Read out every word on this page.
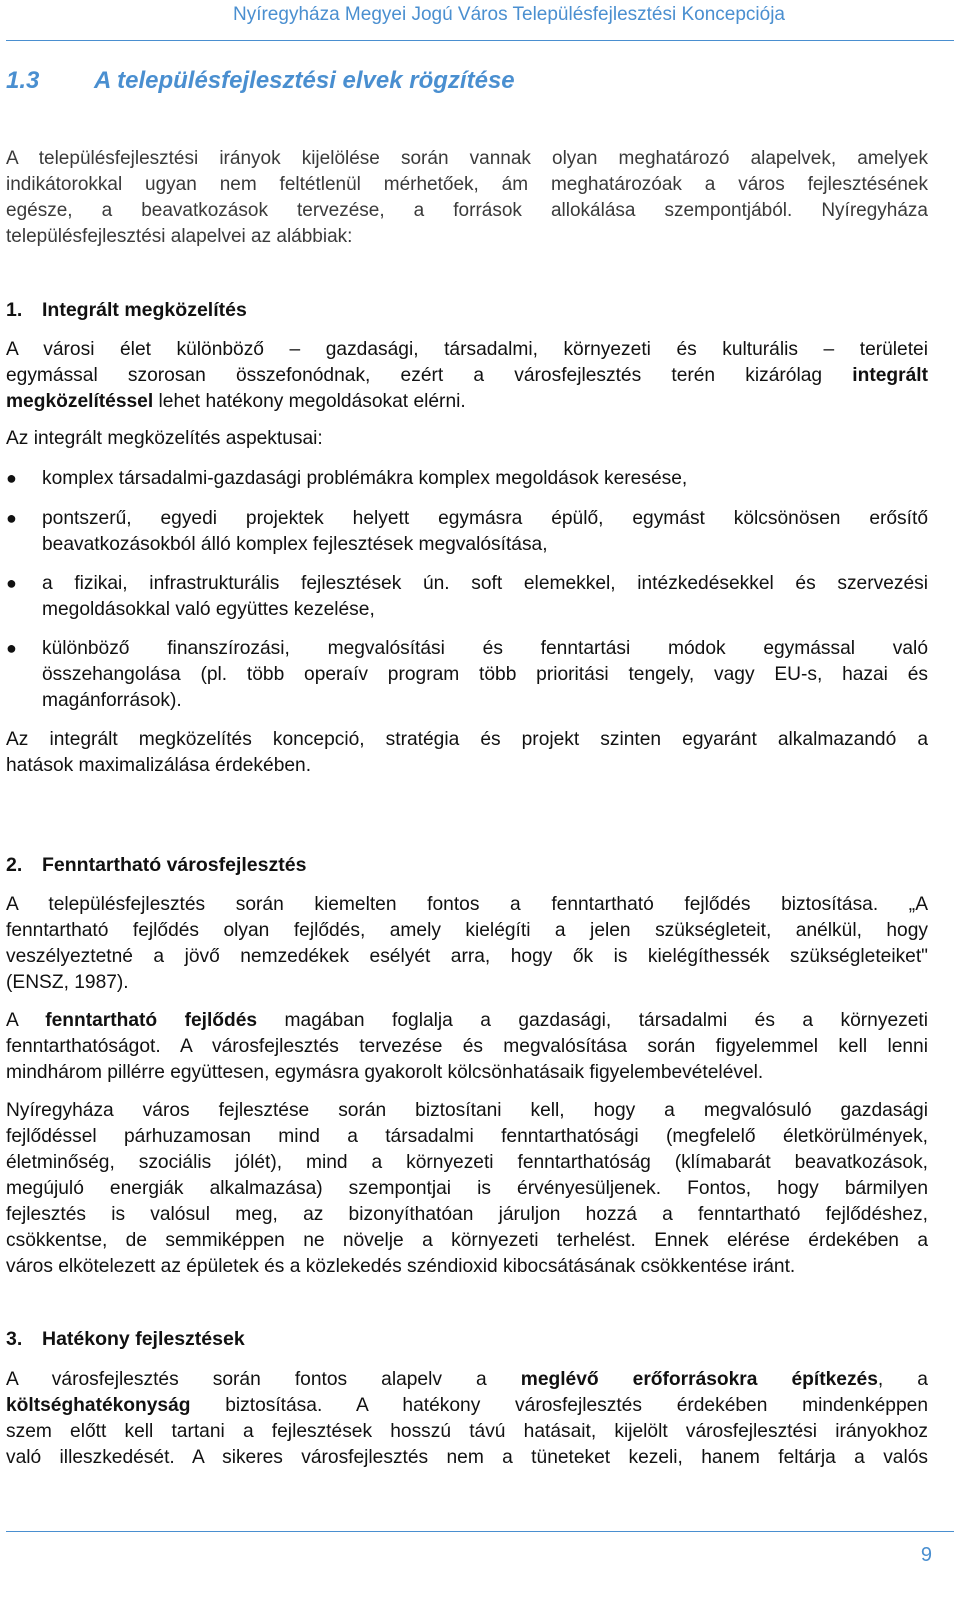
Nyíregyháza Megyei Jogú Város Településfejlesztési Koncepciója
1.3 A településfejlesztési elvek rögzítése
A településfejlesztési irányok kijelölése során vannak olyan meghatározó alapelvek, amelyek
indikátorokkal ugyan nem feltétlenül mérhetőek, ám meghatározóak a város fejlesztésének
egésze, a beavatkozások tervezése, a források allokálása szempontjából. Nyíregyháza
településfejlesztési alapelvei az alábbiak:
1. Integrált megközelítés
A városi élet különböző – gazdasági, társadalmi, környezeti és kulturális – területei
egymással szorosan összefonódnak, ezért a városfejlesztés terén kizárólag integrált
megközelítéssel lehet hatékony megoldásokat elérni.
Az integrált megközelítés aspektusai:
● komplex társadalmi-gazdasági problémákra komplex megoldások keresése,
● pontszerű, egyedi projektek helyett egymásra épülő, egymást kölcsönösen erősítő
beavatkozásokból álló komplex fejlesztések megvalósítása,
● a fizikai, infrastrukturális fejlesztések ún. soft elemekkel, intézkedésekkel és szervezési
megoldásokkal való együttes kezelése,
● különböző finanszírozási, megvalósítási és fenntartási módok egymással való
összehangolása (pl. több operaív program több prioritási tengely, vagy EU-s, hazai és
magánforrások).
Az integrált megközelítés koncepció, stratégia és projekt szinten egyaránt alkalmazandó a
hatások maximalizálása érdekében.
2. Fenntartható városfejlesztés
A településfejlesztés során kiemelten fontos a fenntartható fejlődés biztosítása. „A
fenntartható fejlődés olyan fejlődés, amely kielégíti a jelen szükségleteit, anélkül, hogy
veszélyeztetné a jövő nemzedékek esélyét arra, hogy ők is kielégíthessék szükségleteiket"
(ENSZ, 1987).
A fenntartható fejlődés magában foglalja a gazdasági, társadalmi és a környezeti
fenntarthatóságot. A városfejlesztés tervezése és megvalósítása során figyelemmel kell lenni
mindhárom pillérre együttesen, egymásra gyakorolt kölcsönhatásaik figyelembevételével.
Nyíregyháza város fejlesztése során biztosítani kell, hogy a megvalósuló gazdasági
fejlődéssel párhuzamosan mind a társadalmi fenntarthatósági (megfelelő életkörülmények,
életminőség, szociális jólét), mind a környezeti fenntarthatóság (klímabarát beavatkozások,
megújuló energiák alkalmazása) szempontjai is érvényesüljenek. Fontos, hogy bármilyen
fejlesztés is valósul meg, az bizonyíthatóan járuljon hozzá a fenntartható fejlődéshez,
csökkentse, de semmiképpen ne növelje a környezeti terhelést. Ennek elérése érdekében a
város elkötelezett az épületek és a közlekedés széndioxid kibocsátásának csökkentése iránt.
3. Hatékony fejlesztések
A városfejlesztés során fontos alapelv a meglévő erőforrásokra építkezés, a
költséghatékonyság biztosítása. A hatékony városfejlesztés érdekében mindenképpen
szem előtt kell tartani a fejlesztések hosszú távú hatásait, kijelölt városfejlesztési irányokhoz
való illeszkedését. A sikeres városfejlesztés nem a tüneteket kezeli, hanem feltárja a valós
9
